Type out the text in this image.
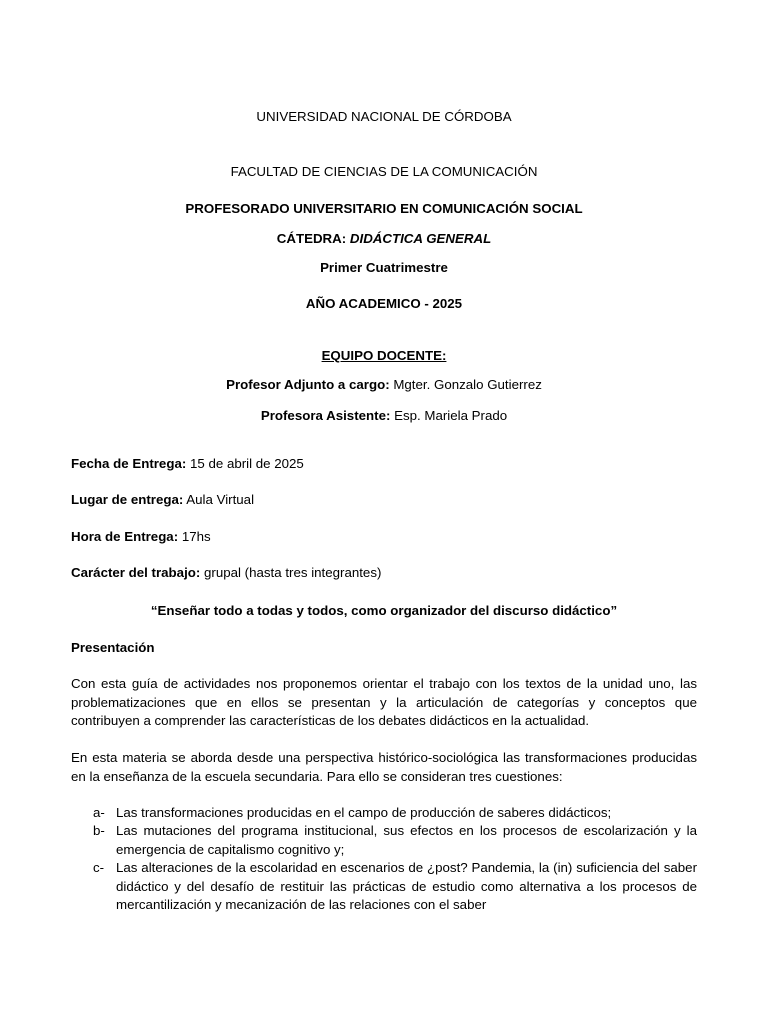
UNIVERSIDAD NACIONAL DE CÓRDOBA
FACULTAD DE CIENCIAS DE LA COMUNICACIÓN
PROFESORADO UNIVERSITARIO EN COMUNICACIÓN SOCIAL
CÁTEDRA: DIDÁCTICA GENERAL
Primer Cuatrimestre
AÑO ACADEMICO - 2025
EQUIPO DOCENTE:
Profesor Adjunto a cargo: Mgter. Gonzalo Gutierrez
Profesora Asistente: Esp. Mariela Prado
Fecha de Entrega: 15 de abril de 2025
Lugar de entrega: Aula Virtual
Hora de Entrega: 17hs
Carácter del trabajo: grupal (hasta tres integrantes)
“Enseñar todo a todas y todos, como organizador del discurso didáctico”
Presentación
Con esta guía de actividades nos proponemos orientar el trabajo con los textos de la unidad uno, las
problematizaciones que en ellos se presentan y la articulación de categorías y conceptos que
contribuyen a comprender las características de los debates didácticos en la actualidad.
En esta materia se aborda desde una perspectiva histórico-sociológica las transformaciones producidas
en la enseñanza de la escuela secundaria. Para ello se consideran tres cuestiones:
a- Las transformaciones producidas en el campo de producción de saberes didácticos;
b- Las mutaciones del programa institucional, sus efectos en los procesos de escolarización y la
emergencia de capitalismo cognitivo y;
c- Las alteraciones de la escolaridad en escenarios de ¿post? Pandemia, la (in) suficiencia del saber
didáctico y del desafío de restituir las prácticas de estudio como alternativa a los procesos de
mercantilización y mecanización de las relaciones con el saber
